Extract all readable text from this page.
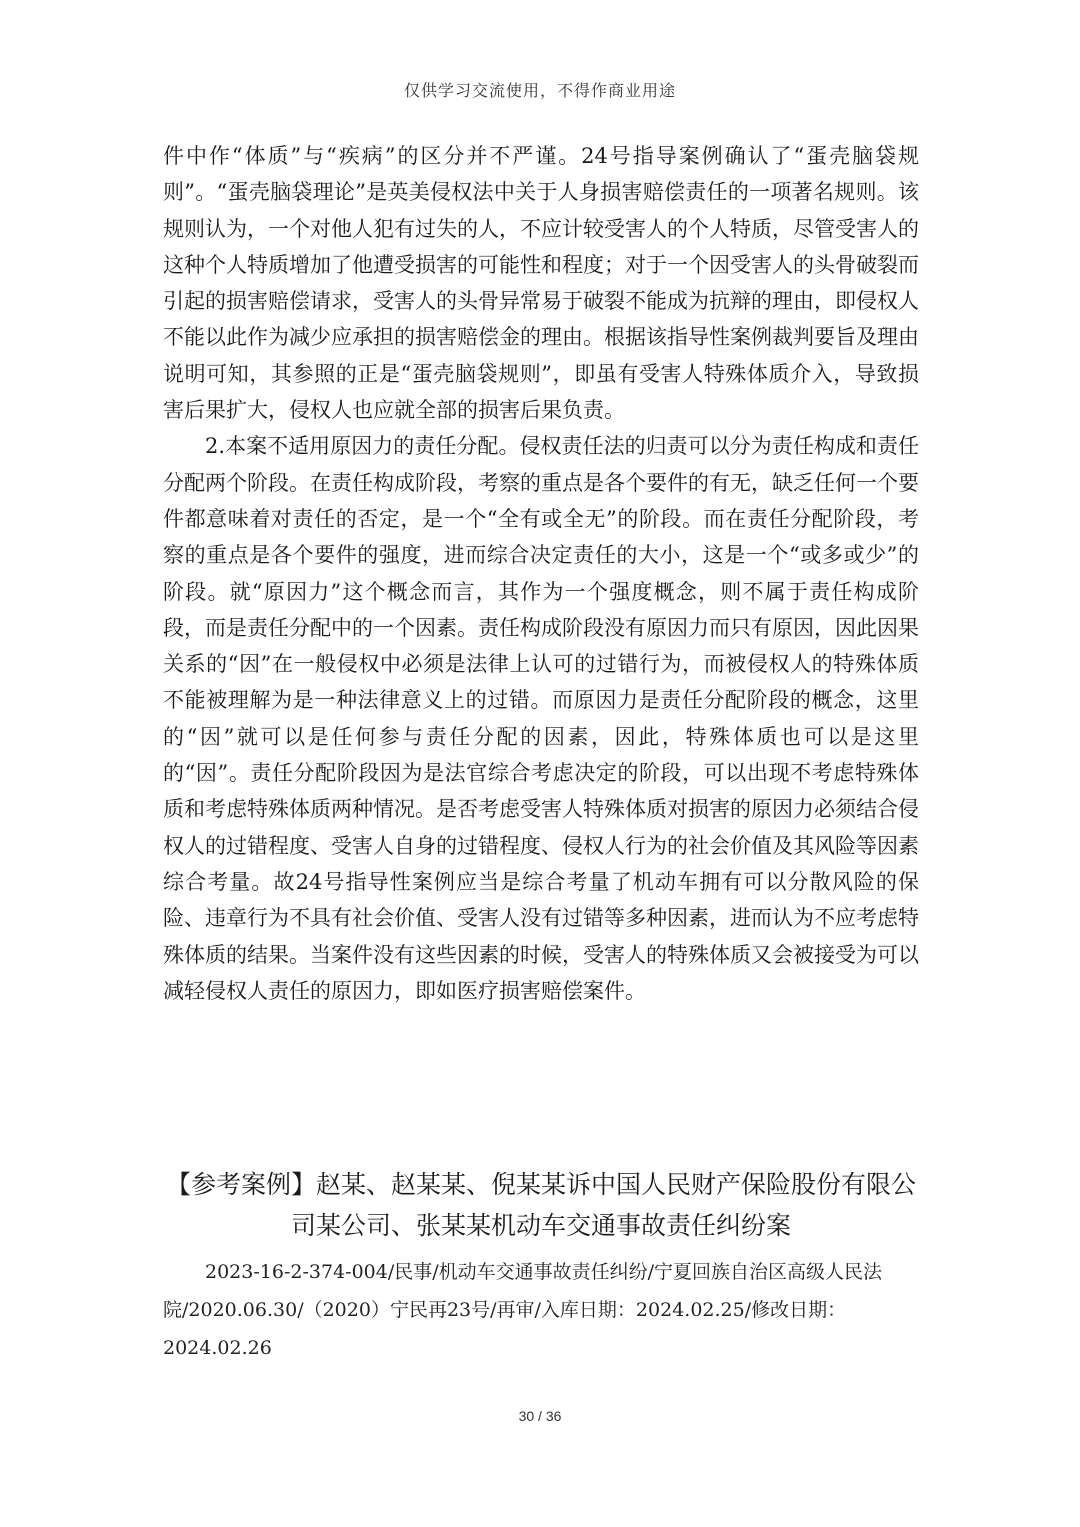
仅供学习交流使用，不得作商业用途

件中作“体质”与“疾病”的区分并不严谨。24号指导案例确认了“蛋壳脑袋规则”。“蛋壳脑袋理论”是英美侵权法中关于人身损害赔偿责任的一项著名规则。该规则认为，一个对他人犯有过失的人，不应计较受害人的个人特质，尽管受害人的这种个人特质增加了他遭受损害的可能性和程度；对于一个因受害人的头骨破裂而引起的损害赔偿请求，受害人的头骨异常易于破裂不能成为抗辩的理由，即侵权人不能以此作为减少应承担的损害赔偿金的理由。根据该指导性案例裁判要旨及理由说明可知，其参照的正是“蛋壳脑袋规则”，即虽有受害人特殊体质介入，导致损害后果扩大，侵权人也应就全部的损害后果负责。

2.本案不适用原因力的责任分配。侵权责任法的归责可以分为责任构成和责任分配两个阶段。在责任构成阶段，考察的重点是各个要件的有无，缺乏任何一个要件都意味着对责任的否定，是一个“全有或全无”的阶段。而在责任分配阶段，考察的重点是各个要件的强度，进而综合决定责任的大小，这是一个“或多或少”的阶段。就“原因力”这个概念而言，其作为一个强度概念，则不属于责任构成阶段，而是责任分配中的一个因素。责任构成阶段没有原因力而只有原因，因此因果关系的“因”在一般侵权中必须是法律上认可的过错行为，而被侵权人的特殊体质不能被理解为是一种法律意义上的过错。而原因力是责任分配阶段的概念，这里的“因”就可以是任何参与责任分配的因素，因此，特殊体质也可以是这里的“因”。责任分配阶段因为是法官综合考虑决定的阶段，可以出现不考虑特殊体质和考虑特殊体质两种情况。是否考虑受害人特殊体质对损害的原因力必须结合侵权人的过错程度、受害人自身的过错程度、侵权人行为的社会价值及其风险等因素综合考量。故24号指导性案例应当是综合考量了机动车拥有可以分散风险的保险、违章行为不具有社会价值、受害人没有过错等多种因素，进而认为不应考虑特殊体质的结果。当案件没有这些因素的时候，受害人的特殊体质又会被接受为可以减轻侵权人责任的原因力，即如医疗损害赔偿案件。

【参考案例】赵某、赵某某、倪某某诉中国人民财产保险股份有限公司某公司、张某某机动车交通事故责任纠纷案
2023-16-2-374-004/民事/机动车交通事故责任纠纷/宁夏回族自治区高级人民法院/2020.06.30/（2020）宁民再23号/再审/入库日期：2024.02.25/修改日期：2024.02.26
30 / 36
